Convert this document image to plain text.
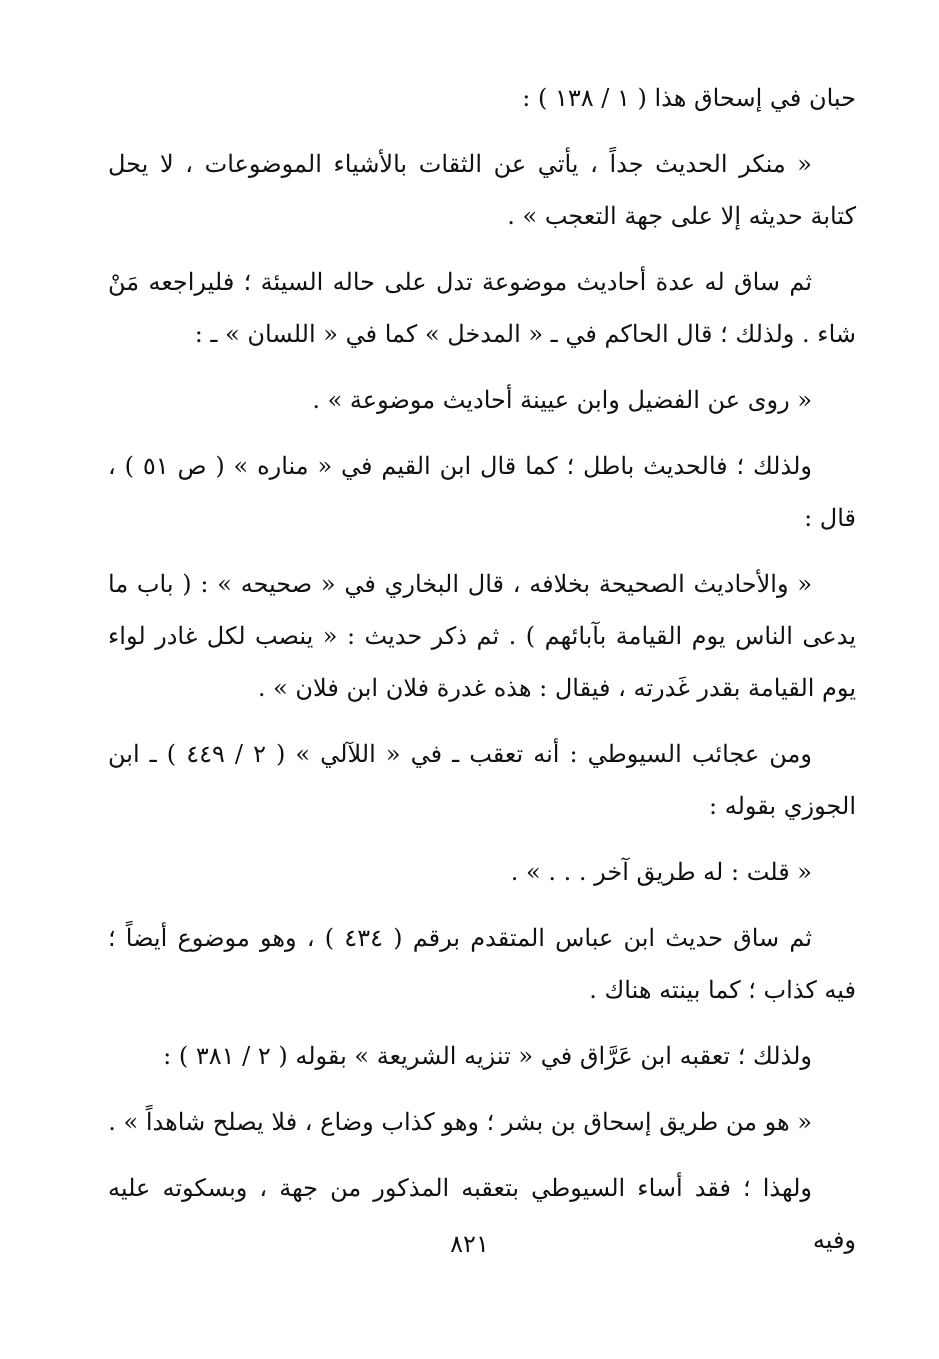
حبان في إسحاق هذا ( ١ / ١٣٨ ) :

« منكر الحديث جداً ، يأتي عن الثقات بالأشياء الموضوعات ، لا يحل كتابة حديثه إلا على جهة التعجب » .

ثم ساق له عدة أحاديث موضوعة تدل على حاله السيئة ؛ فليراجعه مَنْ شاء . ولذلك ؛ قال الحاكم في ـ « المدخل » كما في « اللسان » ـ :

« روى عن الفضيل وابن عيينة أحاديث موضوعة » .

ولذلك ؛ فالحديث باطل ؛ كما قال ابن القيم في « مناره » ( ص ٥١ ) ، قال :

« والأحاديث الصحيحة بخلافه ، قال البخاري في « صحيحه » : ( باب ما يدعى الناس يوم القيامة بآبائهم ) . ثم ذكر حديث : « ينصب لكل غادر لواء يوم القيامة بقدر غَدرته ، فيقال : هذه غدرة فلان ابن فلان » .

ومن عجائب السيوطي : أنه تعقب ـ في « اللآلي » ( ٢ / ٤٤٩ ) ـ ابن الجوزي بقوله :

« قلت : له طريق آخر . . . » .

ثم ساق حديث ابن عباس المتقدم برقم ( ٤٣٤ ) ، وهو موضوع أيضاً ؛ فيه كذاب ؛ كما بينته هناك .

ولذلك ؛ تعقبه ابن عَرَّاق في « تنزيه الشريعة » بقوله ( ٢ / ٣٨١ ) :

« هو من طريق إسحاق بن بشر ؛ وهو كذاب وضاع ، فلا يصلح شاهداً » .

ولهذا ؛ فقد أساء السيوطي بتعقبه المذكور من جهة ، وبسكوته عليه وفيه

٨٢١
